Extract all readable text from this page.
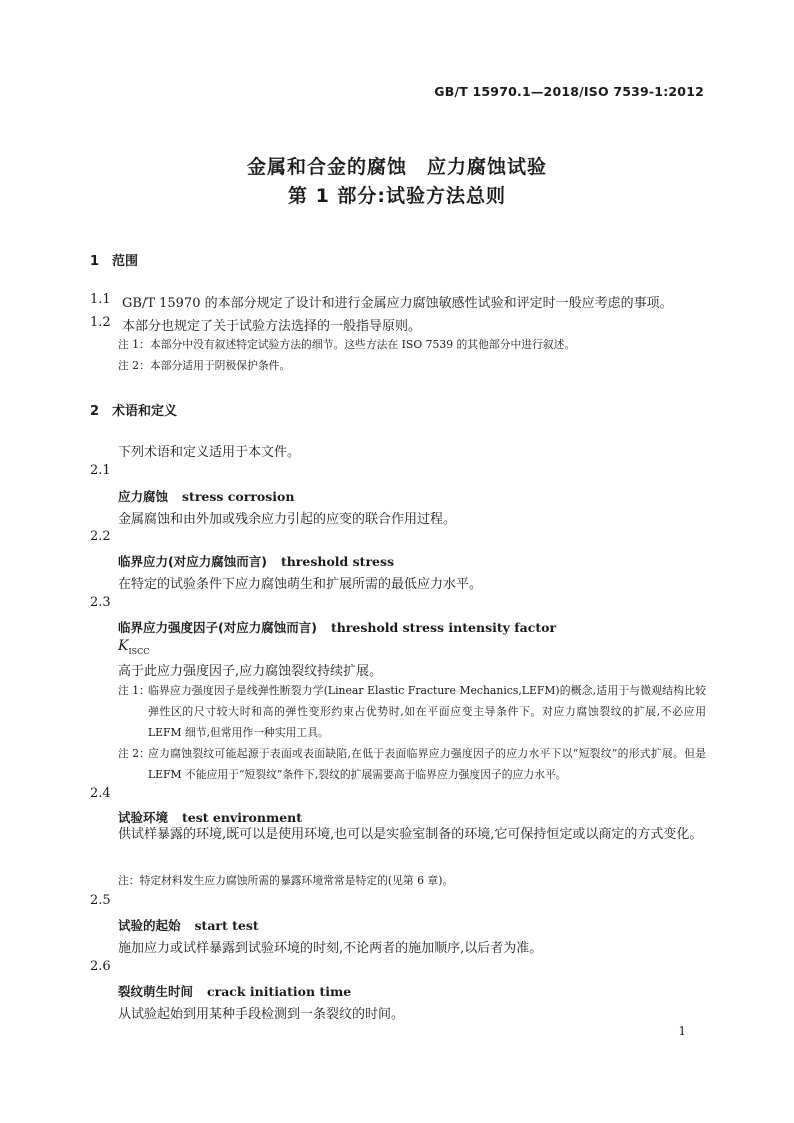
GB/T 15970.1—2018/ISO 7539-1:2012
金属和合金的腐蚀　应力腐蚀试验
第 1 部分:试验方法总则
1　范围
1.1 GB/T 15970 的本部分规定了设计和进行金属应力腐蚀敏感性试验和评定时一般应考虑的事项。
1.2 本部分也规定了关于试验方法选择的一般指导原则。
注 1：本部分中没有叙述特定试验方法的细节。这些方法在 ISO 7539 的其他部分中进行叙述。
注 2：本部分适用于阴极保护条件。
2　术语和定义
下列术语和定义适用于本文件。
2.1
应力腐蚀 stress corrosion
金属腐蚀和由外加或残余应力引起的应变的联合作用过程。
2.2
临界应力(对应力腐蚀而言) threshold stress
在特定的试验条件下应力腐蚀萌生和扩展所需的最低应力水平。
2.3
临界应力强度因子(对应力腐蚀而言) threshold stress intensity factor
$K_{ISCC}$
高于此应力强度因子,应力腐蚀裂纹持续扩展。
注 1：
临界应力强度因子是线弹性断裂力学(Linear Elastic Fracture Mechanics,LEFM)的概念,适用于与微观结构比较弹性区的尺寸较大时和高的弹性变形约束占优势时,如在平面应变主导条件下。对应力腐蚀裂纹的扩展,不必应用 LEFM 细节,但常用作一种实用工具。
注 2：
应力腐蚀裂纹可能起源于表面或表面缺陷,在低于表面临界应力强度因子的应力水平下以“短裂纹”的形式扩展。但是 LEFM 不能应用于“短裂纹”条件下,裂纹的扩展需要高于临界应力强度因子的应力水平。
2.4
试验环境 test environment
供试样暴露的环境,既可以是使用环境,也可以是实验室制备的环境,它可保持恒定或以商定的方式变化。
注：特定材料发生应力腐蚀所需的暴露环境常常是特定的(见第 6 章)。
2.5
试验的起始 start test
施加应力或试样暴露到试验环境的时刻,不论两者的施加顺序,以后者为准。
2.6
裂纹萌生时间 crack initiation time
从试验起始到用某种手段检测到一条裂纹的时间。
1
